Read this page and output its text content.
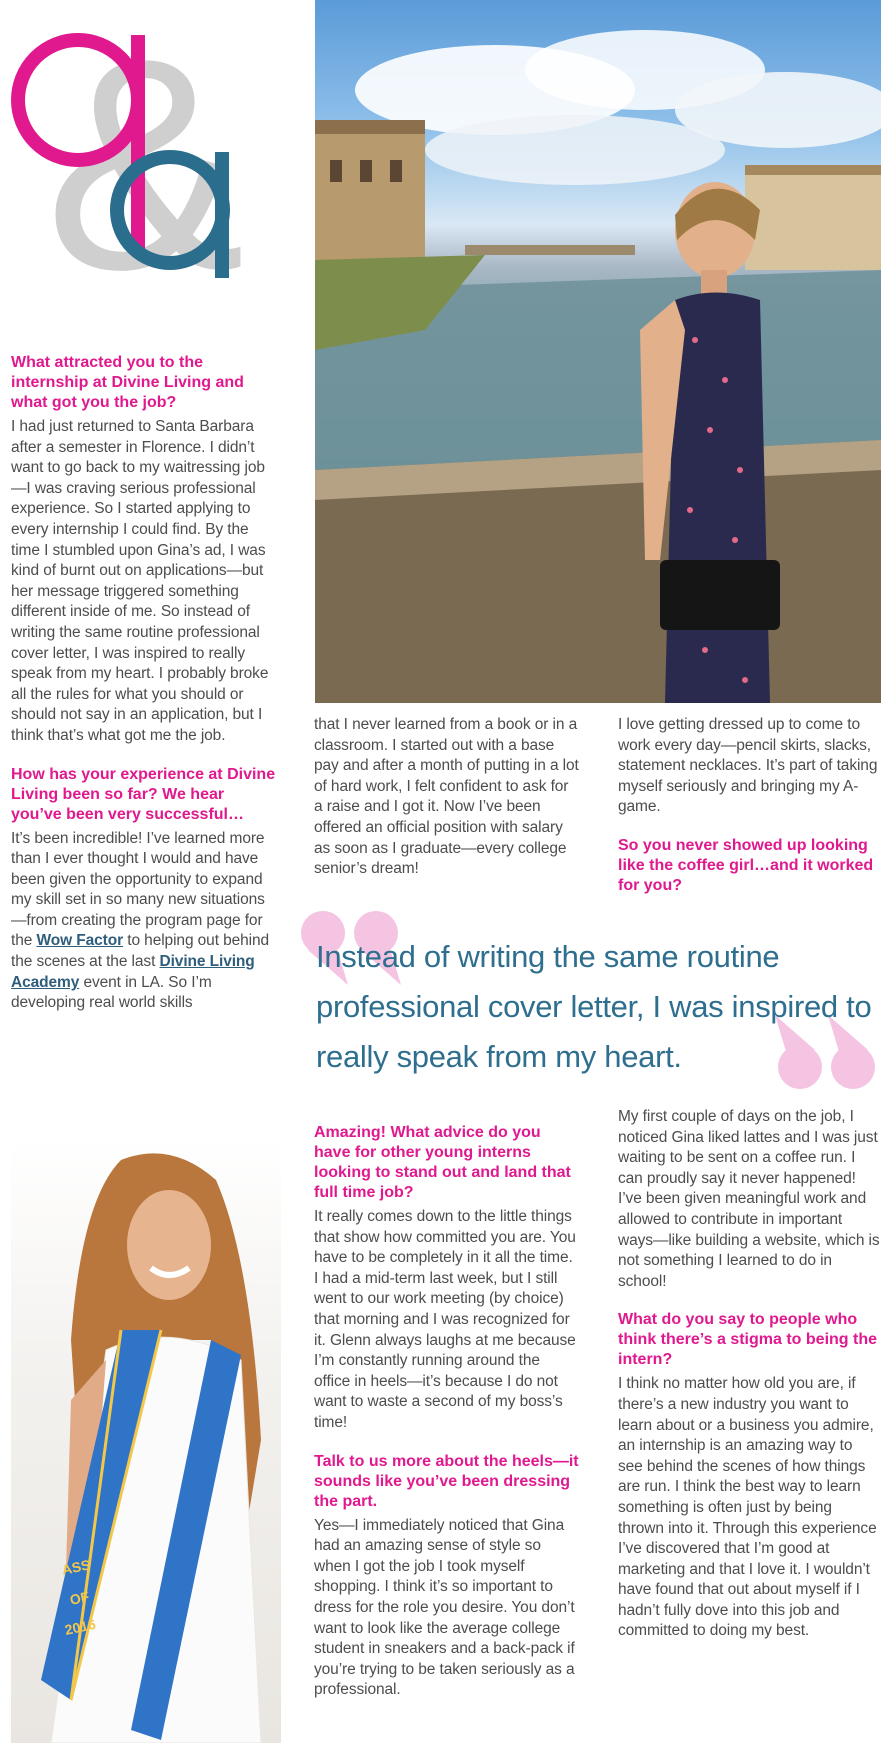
&

What attracted you to the internship at Divine Living and what got you the job?

I had just returned to Santa Barbara after a semester in Florence. I didn’t want to go back to my waitressing job—I was craving serious professional experience. So I started applying to every internship I could find. By the time I stumbled upon Gina’s ad, I was kind of burnt out on applications—but her message triggered something different inside of me. So instead of writing the same routine professional cover letter, I was inspired to really speak from my heart. I probably broke all the rules for what you should or should not say in an application, but I think that’s what got me the job.

How has your experience at Divine Living been so far? We hear you’ve been very successful…

It’s been incredible! I’ve learned more than I ever thought I would and have been given the opportunity to expand my skill set in so many new situations—from creating the program page for the Wow Factor to helping out behind the scenes at the last Divine Living Academy event in LA. So I’m developing real world skills

ASS
OF
2016

that I never learned from a book or in a classroom. I started out with a base pay and after a month of putting in a lot of hard work, I felt confident to ask for a raise and I got it. Now I’ve been offered an official position with salary as soon as I graduate—every college senior’s dream!

I love getting dressed up to come to work every day—pencil skirts, slacks, statement necklaces. It’s part of taking myself seriously and bringing my A-game.

So you never showed up looking like the coffee girl…and it worked for you?

Instead of writing the same routine professional cover letter, I was inspired to really speak from my heart.

Amazing! What advice do you have for other young interns looking to stand out and land that full time job?

It really comes down to the little things that show how committed you are. You have to be completely in it all the time. I had a mid-term last week, but I still went to our work meeting (by choice) that morning and I was recognized for it. Glenn always laughs at me because I’m constantly running around the office in heels—it’s because I do not want to waste a second of my boss’s time!

Talk to us more about the heels—it sounds like you’ve been dressing the part.

Yes—I immediately noticed that Gina had an amazing sense of style so when I got the job I took myself shopping. I think it’s so important to dress for the role you desire. You don’t want to look like the average college student in sneakers and a back-pack if you’re trying to be taken seriously as a professional.

My first couple of days on the job, I noticed Gina liked lattes and I was just waiting to be sent on a coffee run. I can proudly say it never happened! I’ve been given meaningful work and allowed to contribute in important ways—like building a website, which is not something I learned to do in school!

What do you say to people who think there’s a stigma to being the intern?

I think no matter how old you are, if there’s a new industry you want to learn about or a business you admire, an internship is an amazing way to see behind the scenes of how things are run. I think the best way to learn something is often just by being thrown into it. Through this experience I’ve discovered that I’m good at marketing and that I love it. I wouldn’t have found that out about myself if I hadn’t fully dove into this job and committed to doing my best.
